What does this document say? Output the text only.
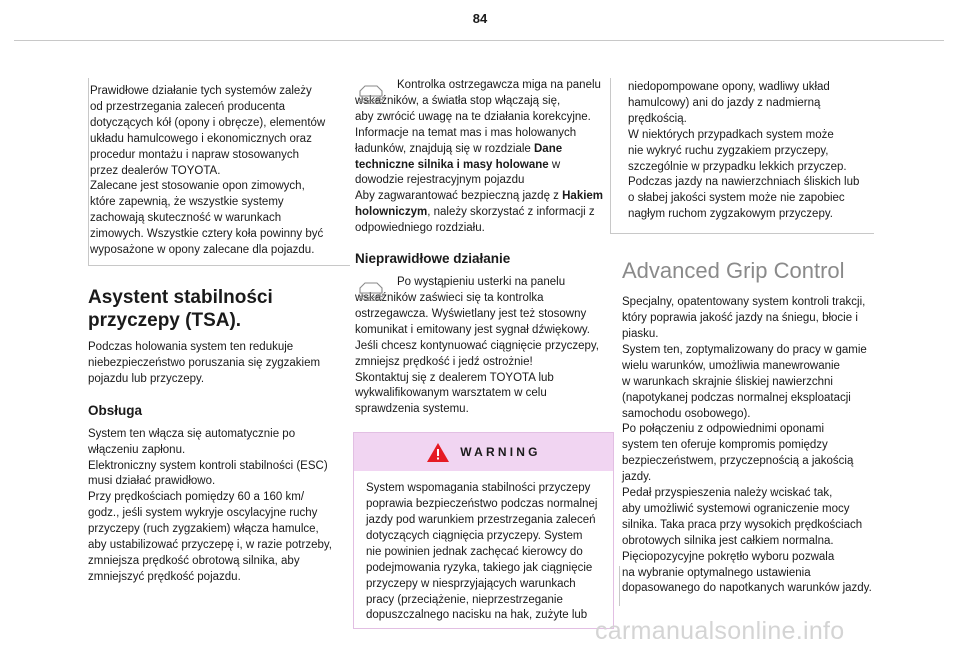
84

Prawidłowe działanie tych systemów zależy
od przestrzegania zaleceń producenta
dotyczących kół (opony i obręcze), elementów
układu hamulcowego i ekonomicznych oraz
procedur montażu i napraw stosowanych
przez dealerów TOYOTA.
Zalecane jest stosowanie opon zimowych,
które zapewnią, że wszystkie systemy
zachowają skuteczność w warunkach
zimowych. Wszystkie cztery koła powinny być
wyposażone w opony zalecane dla pojazdu.

Asystent stabilności przyczepy (TSA).

Podczas holowania system ten redukuje
niebezpieczeństwo poruszania się zygzakiem
pojazdu lub przyczepy.

Obsługa

System ten włącza się automatycznie po
włączeniu zapłonu.
Elektroniczny system kontroli stabilności (ESC)
musi działać prawidłowo.
Przy prędkościach pomiędzy 60 a 160 km/
godz., jeśli system wykryje oscylacyjne ruchy
przyczepy (ruch zygzakiem) włącza hamulce,
aby ustabilizować przyczepę i, w razie potrzeby,
zmniejsza prędkość obrotową silnika, aby
zmniejszyć prędkość pojazdu.

Kontrolka ostrzegawcza miga na panelu
wskaźników, a światła stop włączają się,
aby zwrócić uwagę na te działania korekcyjne.
Informacje na temat mas i mas holowanych
ładunków, znajdują się w rozdziale Dane
techniczne silnika i masy holowane w
dowodzie rejestracyjnym pojazdu
Aby zagwarantować bezpieczną jazdę z Hakiem
holowniczym, należy skorzystać z informacji z
odpowiedniego rozdziału.

Nieprawidłowe działanie

Po wystąpieniu usterki na panelu
wskaźników zaświeci się ta kontrolka
ostrzegawcza. Wyświetlany jest też stosowny
komunikat i emitowany jest sygnał dźwiękowy.
Jeśli chcesz kontynuować ciągnięcie przyczepy,
zmniejsz prędkość i jedź ostrożnie!
Skontaktuj się z dealerem TOYOTA lub
wykwalifikowanym warsztatem w celu
sprawdzenia systemu.

WARNING

System wspomagania stabilności przyczepy
poprawia bezpieczeństwo podczas normalnej
jazdy pod warunkiem przestrzegania zaleceń
dotyczących ciągnięcia przyczepy. System
nie powinien jednak zachęcać kierowcy do
podejmowania ryzyka, takiego jak ciągnięcie
przyczepy w niesprzyjających warunkach
pracy (przeciążenie, nieprzestrzeganie
dopuszczalnego nacisku na hak, zużyte lub

niedopompowane opony, wadliwy układ
hamulcowy) ani do jazdy z nadmierną
prędkością.
W niektórych przypadkach system może
nie wykryć ruchu zygzakiem przyczepy,
szczególnie w przypadku lekkich przyczep.
Podczas jazdy na nawierzchniach śliskich lub
o słabej jakości system może nie zapobiec
nagłym ruchom zygzakowym przyczepy.

Advanced Grip Control

Specjalny, opatentowany system kontroli trakcji,
który poprawia jakość jazdy na śniegu, błocie i
piasku.
System ten, zoptymalizowany do pracy w gamie
wielu warunków, umożliwia manewrowanie
w warunkach skrajnie śliskiej nawierzchni
(napotykanej podczas normalnej eksploatacji
samochodu osobowego).
Po połączeniu z odpowiednimi oponami
system ten oferuje kompromis pomiędzy
bezpieczeństwem, przyczepnością a jakością
jazdy.
Pedał przyspieszenia należy wciskać tak,
aby umożliwić systemowi ograniczenie mocy
silnika. Taka praca przy wysokich prędkościach
obrotowych silnika jest całkiem normalna.
Pięciopozycyjne pokrętło wyboru pozwala
na wybranie optymalnego ustawienia
dopasowanego do napotkanych warunków jazdy.

carmanualsonline.info
